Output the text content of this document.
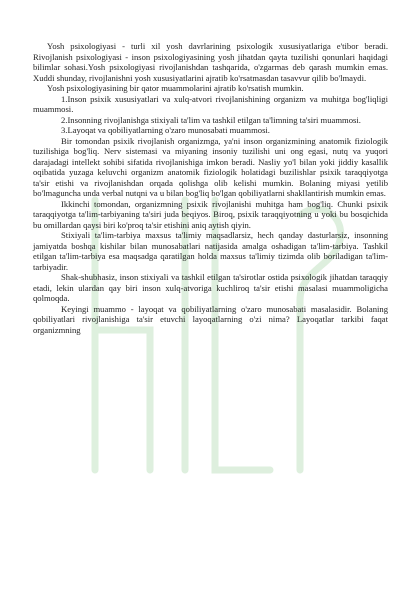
Yosh psixologiyasi - turli xil yosh davrlarining psixologik xususiyatlariga e'tibor beradi. Rivojlanish psixologiyasi - inson psixologiyasining yosh jihatdan qayta tuzilishi qonunlari haqidagi bilimlar sohasi.Yosh psixologiyasi rivojlanishdan tashqarida, o'zgarmas deb qarash mumkin emas. Xuddi shunday, rivojlanishni yosh xususiyatlarini ajratib ko'rsatmasdan tasavvur qilib bo'lmaydi.

Yosh psixologiyasining bir qator muammolarini ajratib ko'rsatish mumkin.

1.Inson psixik xususiyatlari va xulq-atvori rivojlanishining organizm va muhitga bog'liqligi muammosi.

2.Insonning rivojlanishga stixiyali ta'lim va tashkil etilgan ta'limning ta'siri muammosi.

3.Layoqat va qobiliyatlarning o'zaro munosabati muammosi.

Bir tomondan psixik rivojlanish organizmga, ya'ni inson organizmining anatomik fiziologik tuzilishiga bog'liq. Nerv sistemasi va miyaning insoniy tuzilishi uni ong egasi, nutq va yuqori darajadagi intellekt sohibi sifatida rivojlanishiga imkon beradi. Nasliy yo'l bilan yoki jiddiy kasallik oqibatida yuzaga keluvchi organizm anatomik fiziologik holatidagi buzilishlar psixik taraqqiyotga ta'sir etishi va rivojlanishdan orqada qolishga olib kelishi mumkin. Bolaning miyasi yetilib bo'lmaguncha unda verbal nutqni va u bilan bog'liq bo'lgan qobiliyatlarni shakllantirish mumkin emas.

Ikkinchi tomondan, organizmning psixik rivojlanishi muhitga ham bog'liq. Chunki psixik taraqqiyotga ta'lim-tarbiyaning ta'siri juda beqiyos. Biroq, psixik taraqqiyotning u yoki bu bosqichida bu omillardan qaysi biri ko'proq ta'sir etishini aniq aytish qiyin.

Stixiyali ta'lim-tarbiya maxsus ta'limiy maqsadlarsiz, hech qanday dasturlarsiz, insonning jamiyatda boshqa kishilar bilan munosabatlari natijasida amalga oshadigan ta'lim-tarbiya. Tashkil etilgan ta'lim-tarbiya esa maqsadga qaratilgan holda maxsus ta'limiy tizimda olib boriladigan ta'lim-tarbiyadir.

Shak-shubhasiz, inson stixiyali va tashkil etilgan ta'sirotlar ostida psixologik jihatdan taraqqiy etadi, lekin ulardan qay biri inson xulq-atvoriga kuchliroq ta'sir etishi masalasi muammoligicha qolmoqda.

Keyingi muammo - layoqat va qobiliyatlarning o'zaro munosabati masalasidir. Bolaning qobiliyatlari rivojlanishiga ta'sir etuvchi layoqatlarning o'zi nima? Layoqatlar tarkibi faqat organizmning
